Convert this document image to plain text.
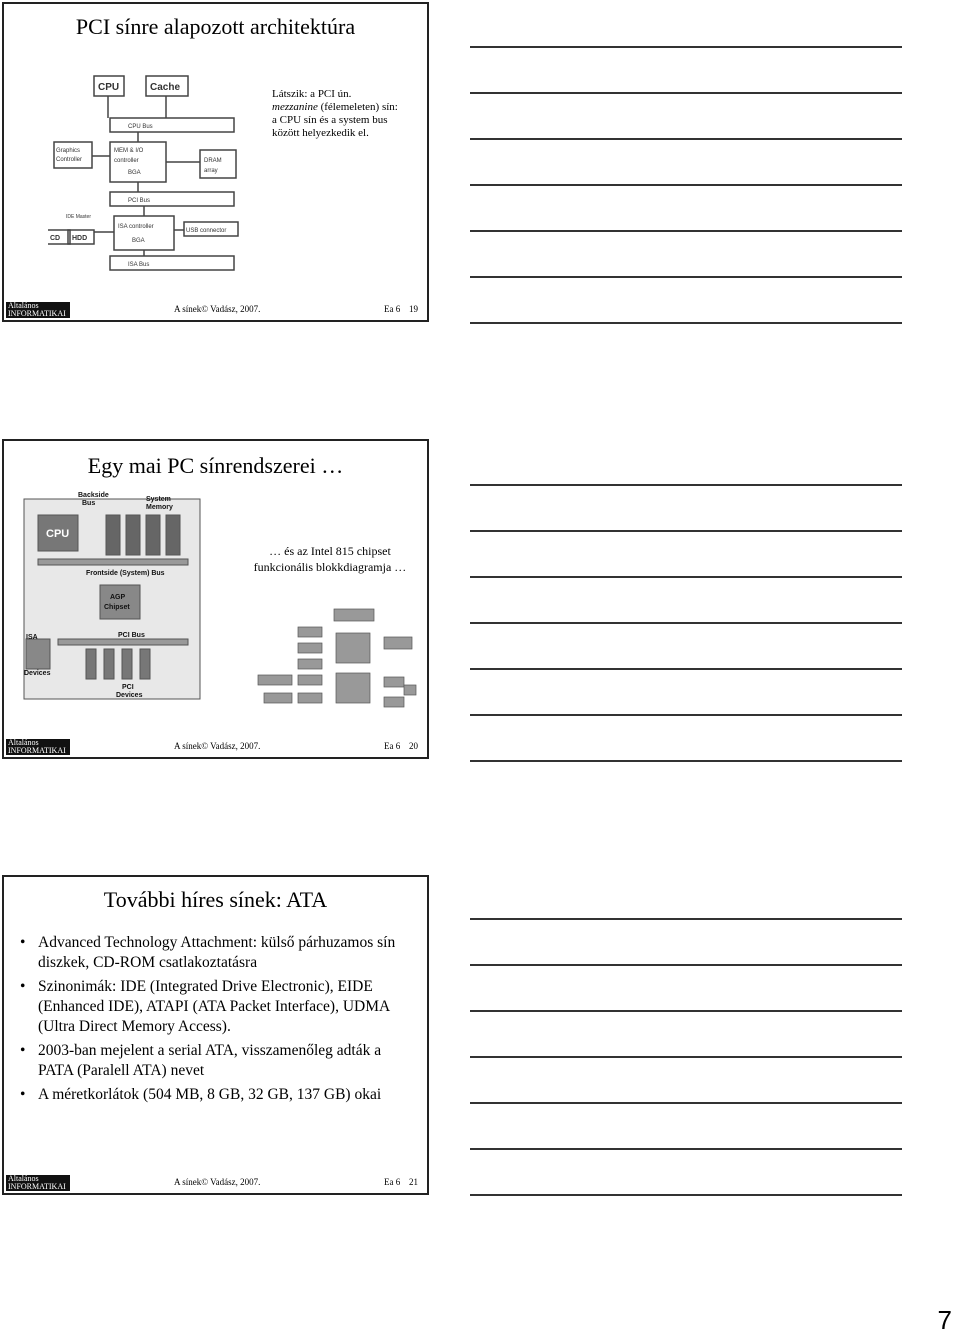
PCI sínre alapozott architektúra
CPU	Cache
CPU Bus
Graphics
Controller
MEM & I/O
controller
BGA
DRAM
array
PCI Bus
IDE Master
ISA controller
USB connector
CD HDD	BGA
ISA Bus
Látszik: a PCI ún.
mezzanine (félemeleten) sín:
a CPU sín és a system bus
között helyezkedik el.
Általános
INFORMATIKAI	A sínek© Vadász, 2007.	Ea 6 19
Egy mai PC sínrendszerei …
Backside
Bus
CPU
System
Memory
Frontside (System) Bus
AGP
Chipset
ISA
Devices
PCI Bus
PCI
Devices
… és az Intel 815 chipset
funkcionális blokkdiagramja …
Általános
INFORMATIKAI	A sínek© Vadász, 2007.	Ea 6 20
További híres sínek: ATA
• Advanced Technology Attachment: külső párhuzamos sín diszkek, CD-ROM csatlakoztatásra
• Szinonimák: IDE (Integrated Drive Electronic), EIDE (Enhanced IDE), ATAPI (ATA Packet Interface), UDMA (Ultra Direct Memory Access).
• 2003-ban mejelent a serial ATA, visszamenőleg adták a PATA (Paralell ATA) nevet
• A méretkorlátok (504 MB, 8 GB, 32 GB, 137 GB) okai
Általános
INFORMATIKAI	A sínek© Vadász, 2007.	Ea 6 21
7
